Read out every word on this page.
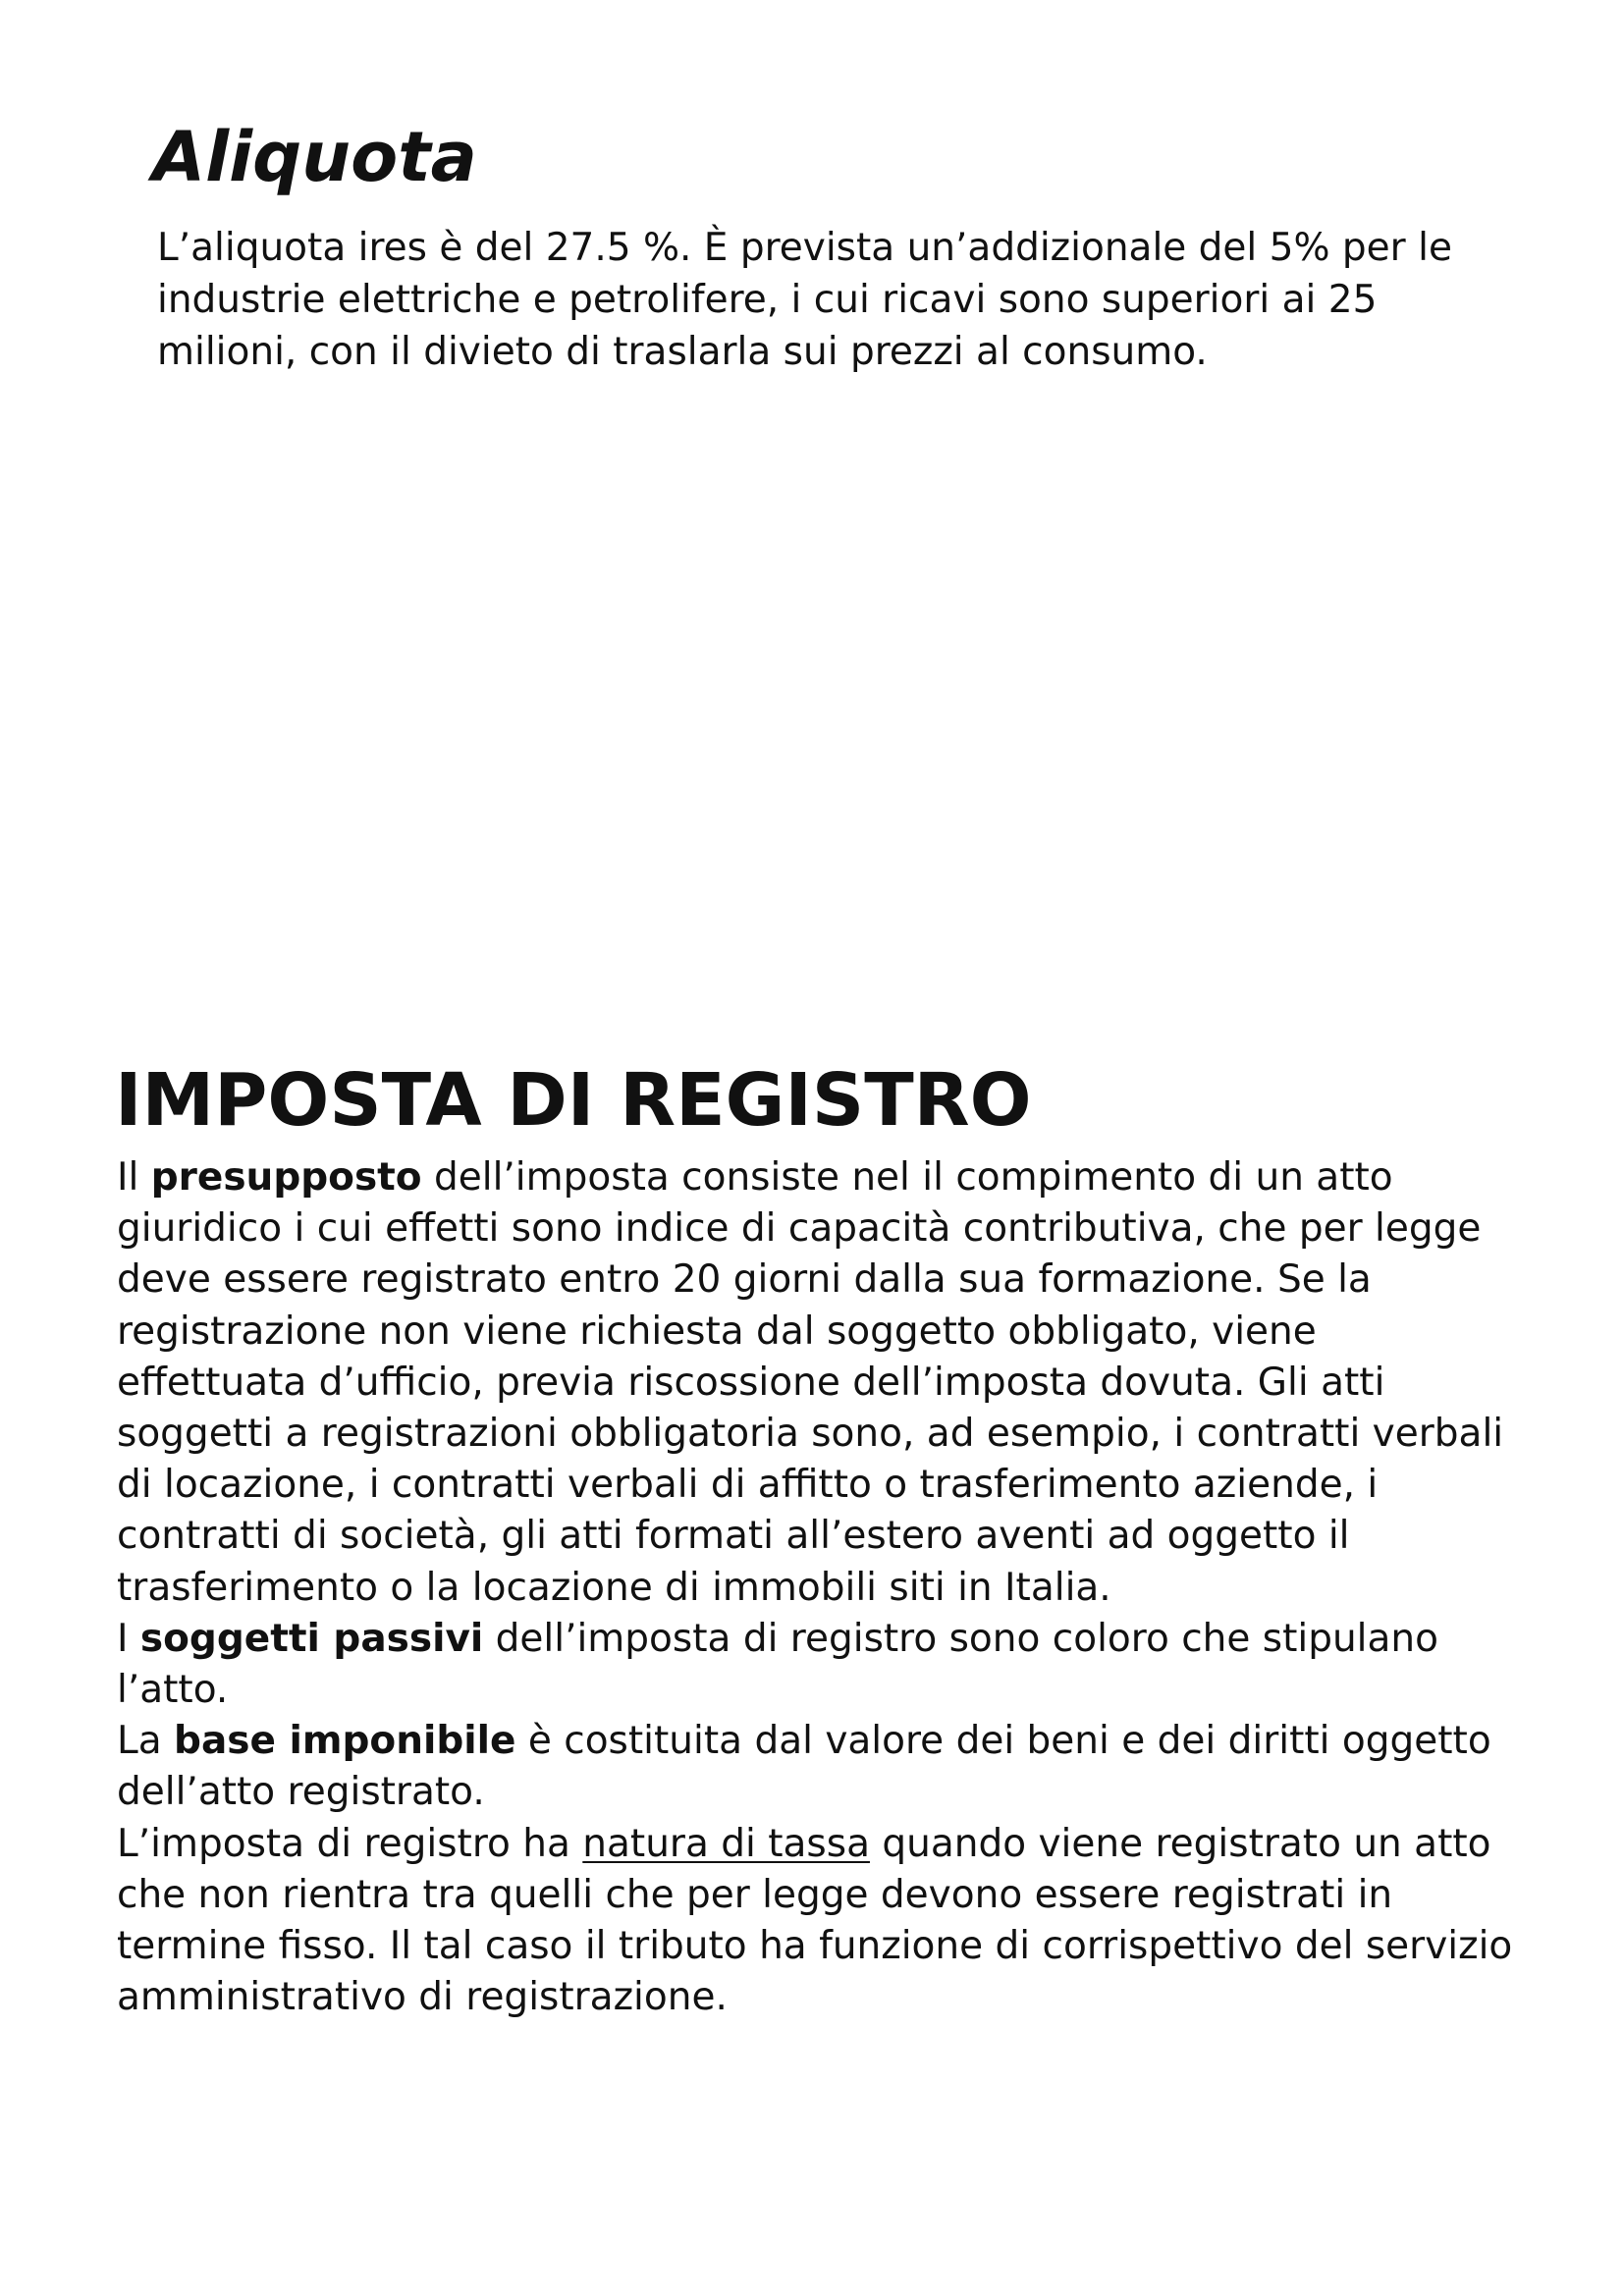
Aliquota
L’aliquota ires è del 27.5 %. È prevista un’addizionale del 5% per le
industrie elettriche e petrolifere, i cui ricavi sono superiori ai 25
milioni, con il divieto di traslarla sui prezzi al consumo.
IMPOSTA DI REGISTRO

Il presupposto dell’imposta consiste nel il compimento di un atto
giuridico i cui effetti sono indice di capacità contributiva, che per legge
deve essere registrato entro 20 giorni dalla sua formazione. Se la
registrazione non viene richiesta dal soggetto obbligato, viene
effettuata d’ufficio, previa riscossione dell’imposta dovuta. Gli atti
soggetti a registrazioni obbligatoria sono, ad esempio, i contratti verbali
di locazione, i contratti verbali di affitto o trasferimento aziende, i
contratti di società, gli atti formati all’estero aventi ad oggetto il
trasferimento o la locazione di immobili siti in Italia.

I soggetti passivi dell’imposta di registro sono coloro che stipulano
l’atto.

La base imponibile è costituita dal valore dei beni e dei diritti oggetto
dell’atto registrato.

L’imposta di registro ha natura di tassa quando viene registrato un atto
che non rientra tra quelli che per legge devono essere registrati in
termine fisso. Il tal caso il tributo ha funzione di corrispettivo del servizio
amministrativo di registrazione.
